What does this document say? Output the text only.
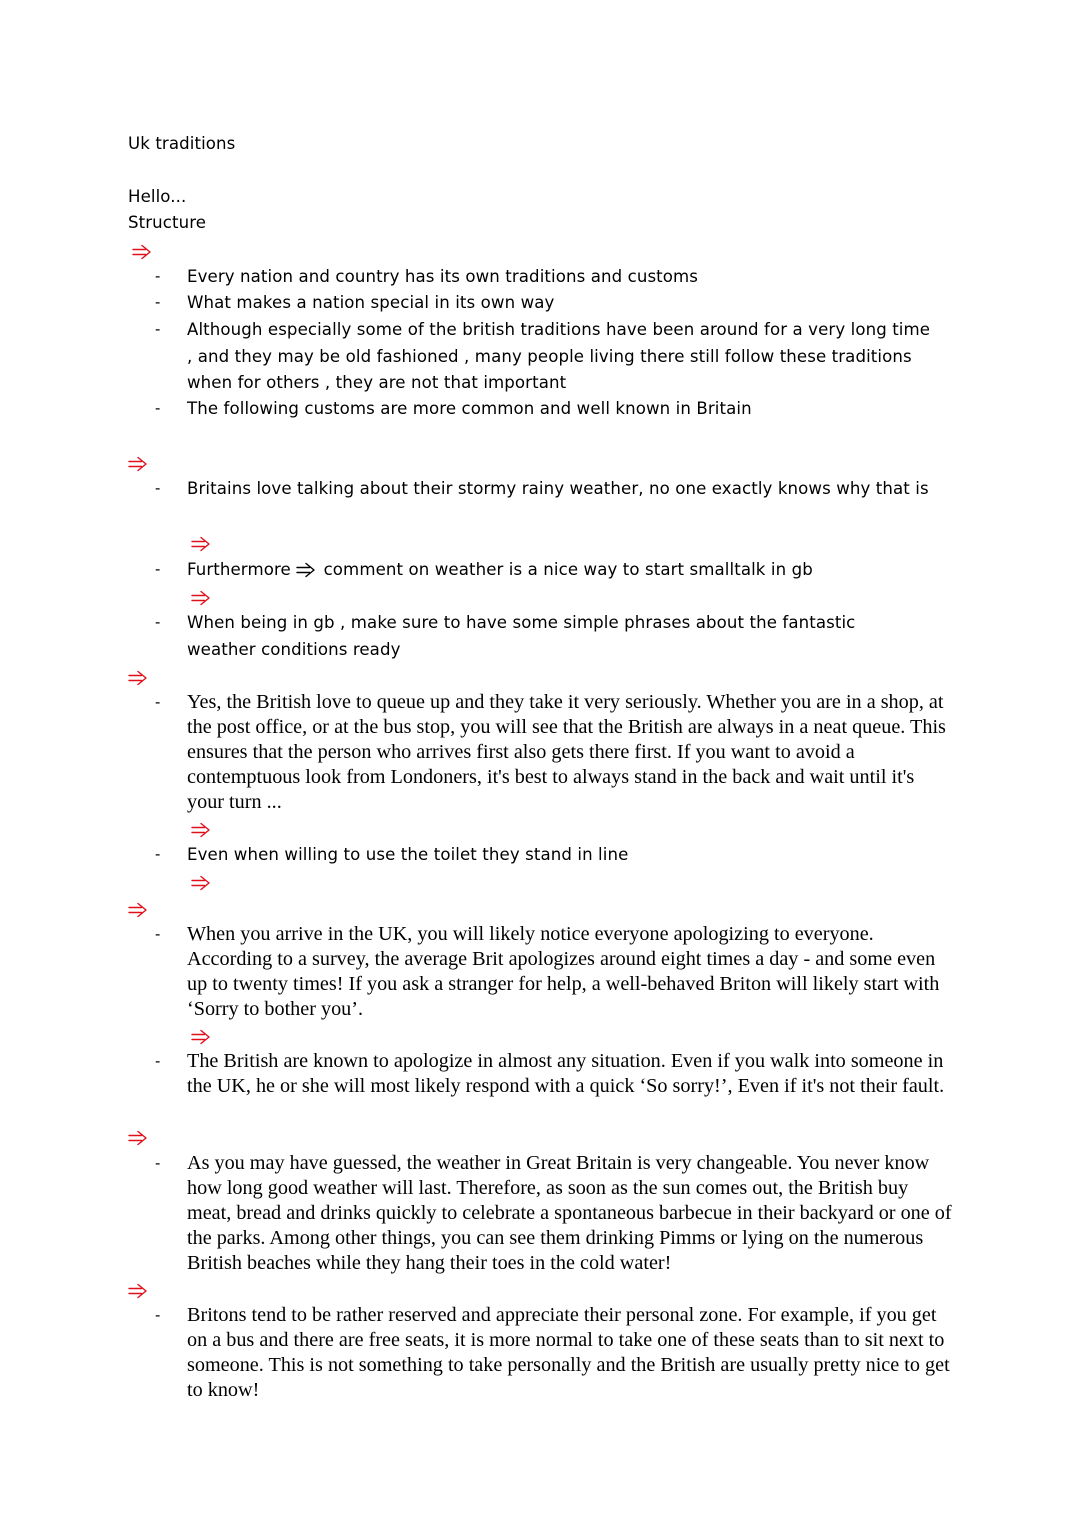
Uk traditions
Hello...
Structure
- Every nation and country has its own traditions and customs
- What makes a nation special in its own way
- Although especially some of the british traditions have been around for a very long time , and they may be old fashioned , many people living there still follow these traditions when for others , they are not that important
- The following customs are more common and well known in Britain
- Britains love talking about their stormy rainy weather, no one exactly knows why that is
- Furthermore comment on weather is a nice way to start smalltalk in gb
- When being in gb , make sure to have some simple phrases about the fantastic weather conditions ready
- Yes, the British love to queue up and they take it very seriously. Whether you are in a shop, at the post office, or at the bus stop, you will see that the British are always in a neat queue. This ensures that the person who arrives first also gets there first. If you want to avoid a contemptuous look from Londoners, it's best to always stand in the back and wait until it's your turn ...
- Even when willing to use the toilet they stand in line
- When you arrive in the UK, you will likely notice everyone apologizing to everyone. According to a survey, the average Brit apologizes around eight times a day - and some even up to twenty times! If you ask a stranger for help, a well-behaved Briton will likely start with ‘Sorry to bother you’.
- The British are known to apologize in almost any situation. Even if you walk into someone in the UK, he or she will most likely respond with a quick ‘So sorry!’, Even if it's not their fault.
- As you may have guessed, the weather in Great Britain is very changeable. You never know how long good weather will last. Therefore, as soon as the sun comes out, the British buy meat, bread and drinks quickly to celebrate a spontaneous barbecue in their backyard or one of the parks. Among other things, you can see them drinking Pimms or lying on the numerous British beaches while they hang their toes in the cold water!
- Britons tend to be rather reserved and appreciate their personal zone. For example, if you get on a bus and there are free seats, it is more normal to take one of these seats than to sit next to someone. This is not something to take personally and the British are usually pretty nice to get to know!
